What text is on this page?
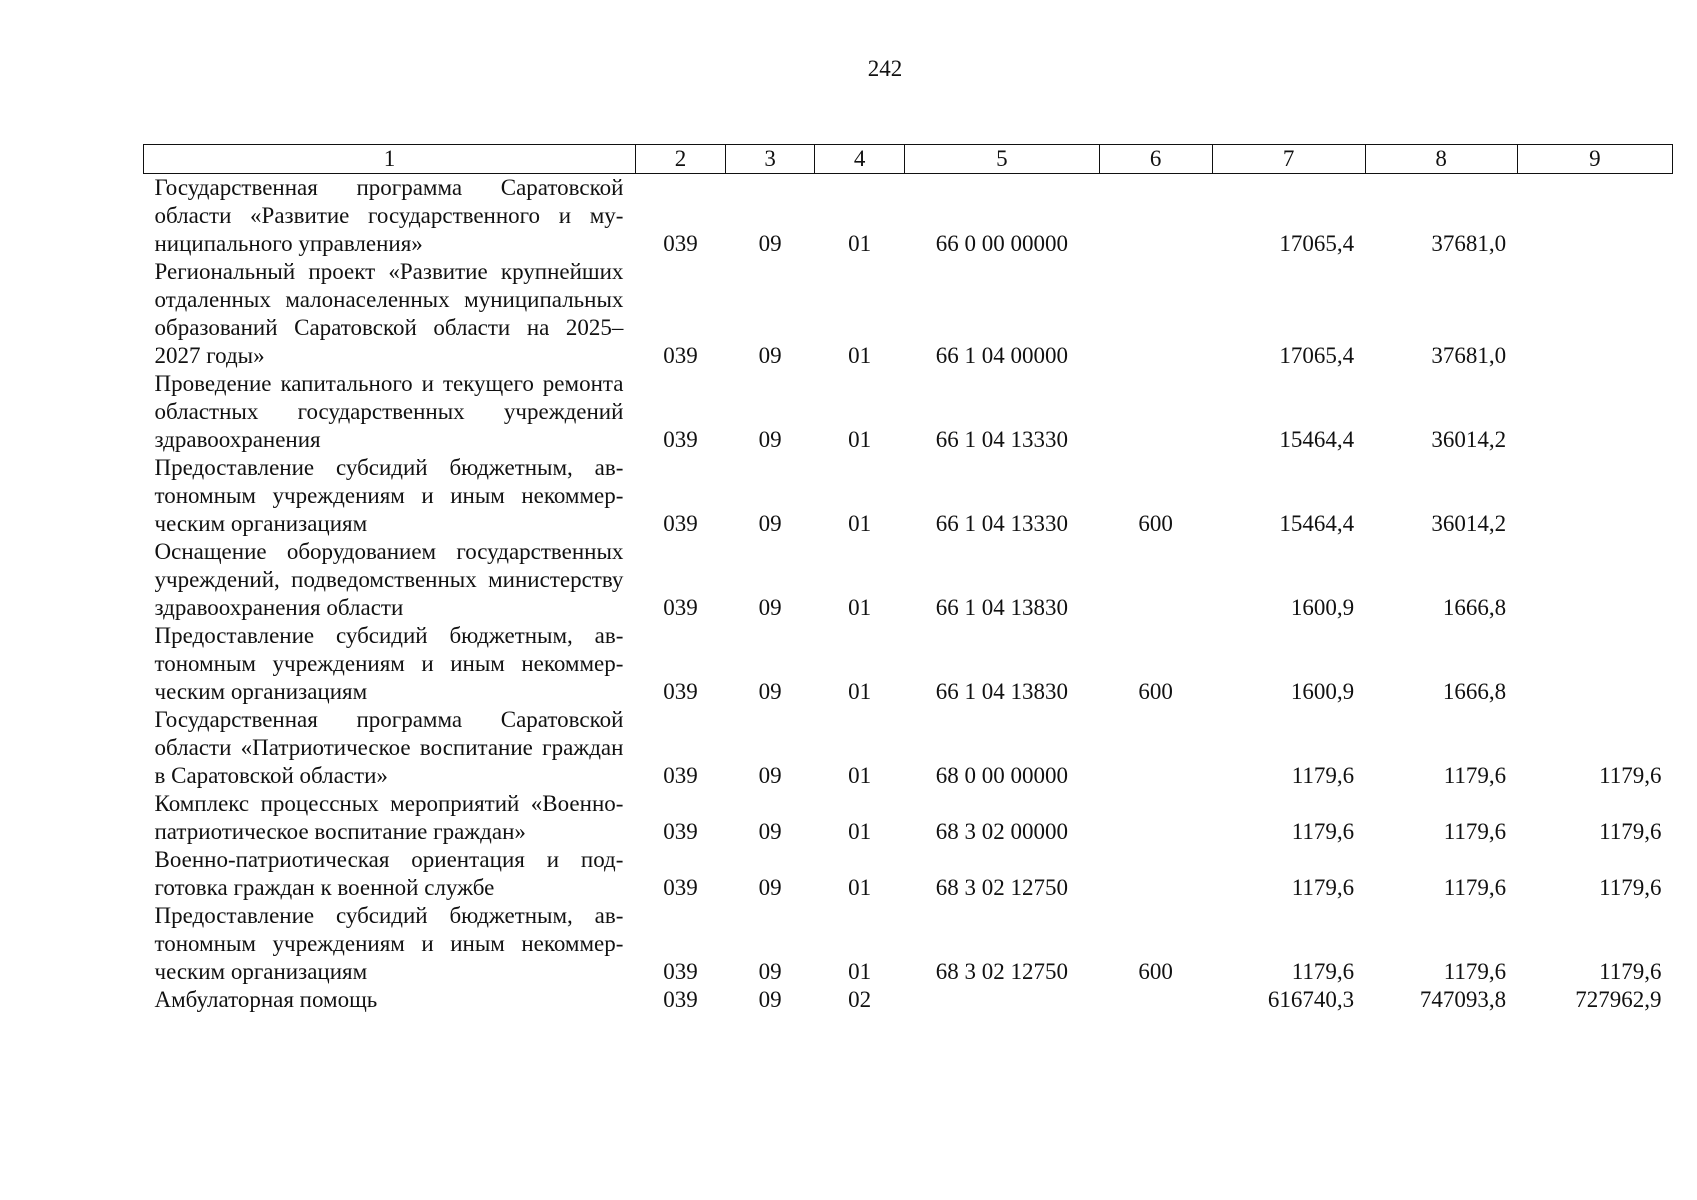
242
1	2	3	4	5	6	7	8	9
Государственная программа Саратовской области «Развитие государственного и муниципального управления»	039	09	01	66 0 00 00000		17065,4	37681,0	
Региональный проект «Развитие крупнейших отдаленных малонаселенных муниципальных образований Саратовской области на 2025–2027 годы»	039	09	01	66 1 04 00000		17065,4	37681,0	
Проведение капитального и текущего ремонта областных государственных учреждений здравоохранения	039	09	01	66 1 04 13330		15464,4	36014,2	
Предоставление субсидий бюджетным, автономным учреждениям и иным некоммерческим организациям	039	09	01	66 1 04 13330	600	15464,4	36014,2	
Оснащение оборудованием государственных учреждений, подведомственных министерству здравоохранения области	039	09	01	66 1 04 13830		1600,9	1666,8	
Предоставление субсидий бюджетным, автономным учреждениям и иным некоммерческим организациям	039	09	01	66 1 04 13830	600	1600,9	1666,8	
Государственная программа Саратовской области «Патриотическое воспитание граждан в Саратовской области»	039	09	01	68 0 00 00000		1179,6	1179,6	1179,6
Комплекс процессных мероприятий «Военно-патриотическое воспитание граждан»	039	09	01	68 3 02 00000		1179,6	1179,6	1179,6
Военно-патриотическая ориентация и подготовка граждан к военной службе	039	09	01	68 3 02 12750		1179,6	1179,6	1179,6
Предоставление субсидий бюджетным, автономным учреждениям и иным некоммерческим организациям	039	09	01	68 3 02 12750	600	1179,6	1179,6	1179,6
Амбулаторная помощь	039	09	02			616740,3	747093,8	727962,9
